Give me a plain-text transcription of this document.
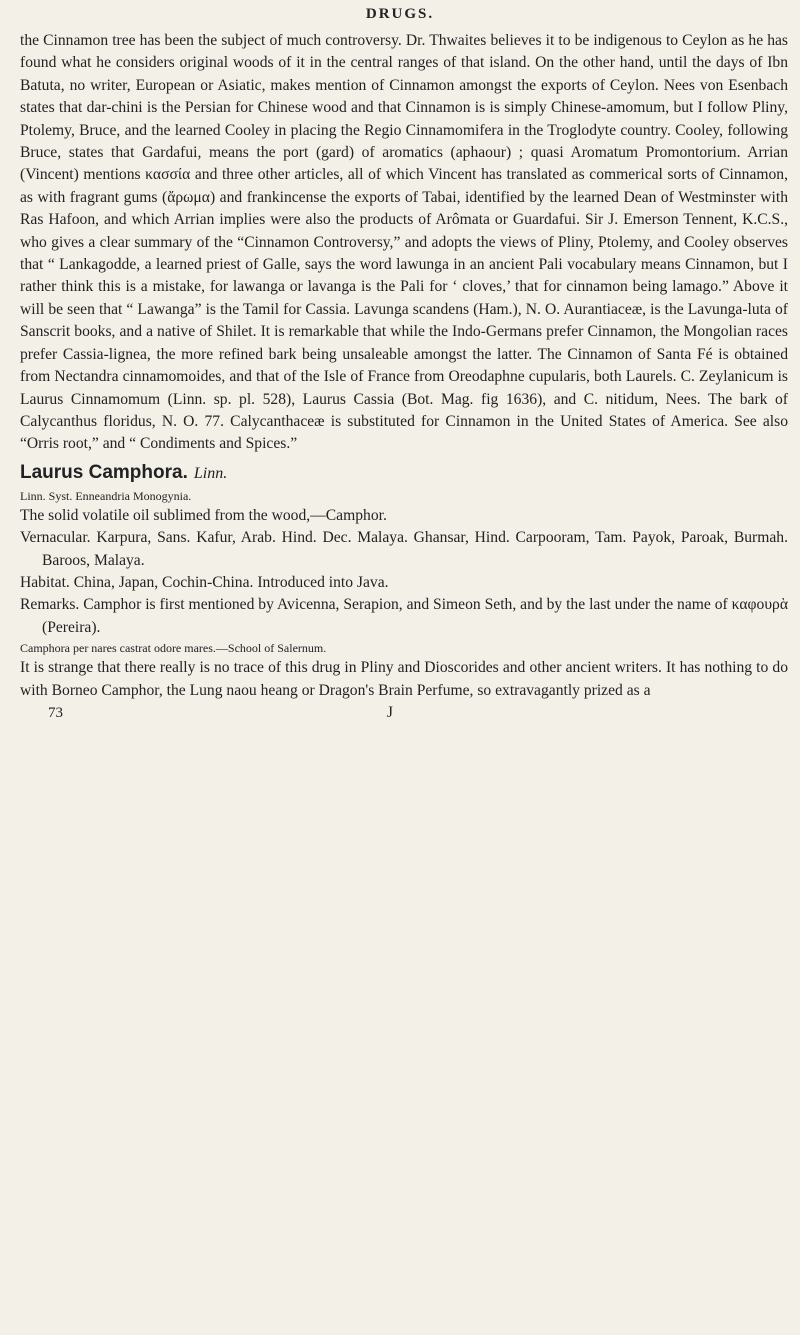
DRUGS.

the Cinnamon tree has been the subject of much controversy. Dr. Thwaites believes it to be indigenous to Ceylon as he has found what he considers original woods of it in the central ranges of that island. On the other hand, until the days of Ibn Batuta, no writer, European or Asiatic, makes mention of Cinnamon amongst the exports of Ceylon. Nees von Esenbach states that dar-chini is the Persian for Chinese wood and that Cinnamon is is simply Chinese-amomum, but I follow Pliny, Ptolemy, Bruce, and the learned Cooley in placing the Regio Cinnamomifera in the Troglodyte country. Cooley, following Bruce, states that Gardafui, means the port (gard) of aromatics (aphaour) ; quasi Aromatum Promontorium. Arrian (Vincent) mentions κασσία and three other articles, all of which Vincent has translated as commerical sorts of Cinnamon, as with fragrant gums (ἄρωμα) and frankincense the exports of Tabai, identified by the learned Dean of Westminster with Ras Hafoon, and which Arrian implies were also the products of Arômata or Guardafui. Sir J. Emerson Tennent, K.C.S., who gives a clear summary of the “Cinnamon Controversy,” and adopts the views of Pliny, Ptolemy, and Cooley observes that “ Lankagodde, a learned priest of Galle, says the word lawunga in an ancient Pali vocabulary means Cinnamon, but I rather think this is a mistake, for lawanga or lavanga is the Pali for ‘ cloves,’ that for cinnamon being lamago.” Above it will be seen that “ Lawanga” is the Tamil for Cassia. Lavunga scandens (Ham.), N. O. Aurantiaceæ, is the Lavunga-luta of Sanscrit books, and a native of Shilet. It is remarkable that while the Indo-Germans prefer Cinnamon, the Mongolian races prefer Cassia-lignea, the more refined bark being unsaleable amongst the latter. The Cinnamon of Santa Fé is obtained from Nectandra cinnamomoides, and that of the Isle of France from Oreodaphne cupularis, both Laurels. C. Zeylanicum is Laurus Cinnamomum (Linn. sp. pl. 528), Laurus Cassia (Bot. Mag. fig 1636), and C. nitidum, Nees. The bark of Calycanthus floridus, N. O. 77. Calycanthaceæ is substituted for Cinnamon in the United States of America. See also “Orris root,” and “ Condiments and Spices.”

Laurus Camphora. Linn.

Linn. Syst. Enneandria Monogynia.

The solid volatile oil sublimed from the wood,—Camphor.

Vernacular. Karpura, Sans. Kafur, Arab. Hind. Dec. Malaya. Ghansar, Hind. Carpooram, Tam. Payok, Paroak, Burmah. Baroos, Malaya.

Habitat. China, Japan, Cochin-China. Introduced into Java.

Remarks. Camphor is first mentioned by Avicenna, Serapion, and Simeon Seth, and by the last under the name of καφουρὰ (Pereira).

Camphora per nares castrat odore mares.—School of Salernum.

It is strange that there really is no trace of this drug in Pliny and Dioscorides and other ancient writers. It has nothing to do with Borneo Camphor, the Lung naou heang or Dragon's Brain Perfume, so extravagantly prized as a

73	J
